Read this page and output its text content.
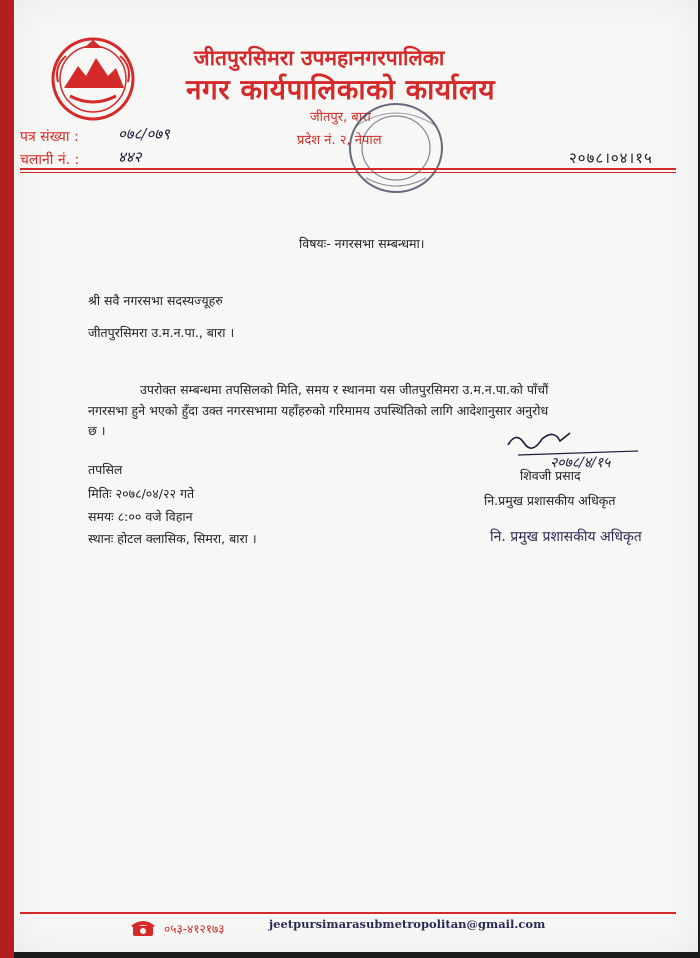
जीतपुरसिमरा उपमहानगरपालिका
नगर कार्यपालिकाको कार्यालय
जीतपुर, बारा
प्रदेश नं. २, नेपाल
पत्र संख्या :	०७८/०७९
चलानी नं. :	४४२	२०७८।०४।१५
विषयः- नगरसभा सम्बन्धमा।
श्री सवै नगरसभा सदस्यज्यूहरु
जीतपुरसिमरा उ.म.न.पा., बारा ।
उपरोक्त सम्बन्धमा तपसिलको मिति, समय र स्थानमा यस जीतपुरसिमरा उ.म.न.पा.को पाँचौं
नगरसभा हुने भएको हुँदा उक्त नगरसभामा यहाँहरुको गरिमामय उपस्थितिको लागि आदेशानुसार अनुरोध
छ ।
तपसिल
मितिः २०७८/०४/२२ गते
समयः ८:०० वजे विहान
स्थानः होटल क्लासिक, सिमरा, बारा ।
२०७८/४/१५
शिवजी प्रसाद
नि.प्रमुख प्रशासकीय अधिकृत
नि. प्रमुख प्रशासकीय अधिकृत
०५३-४१२१७३	jeetpursimarasubmetropolitan@gmail.com
